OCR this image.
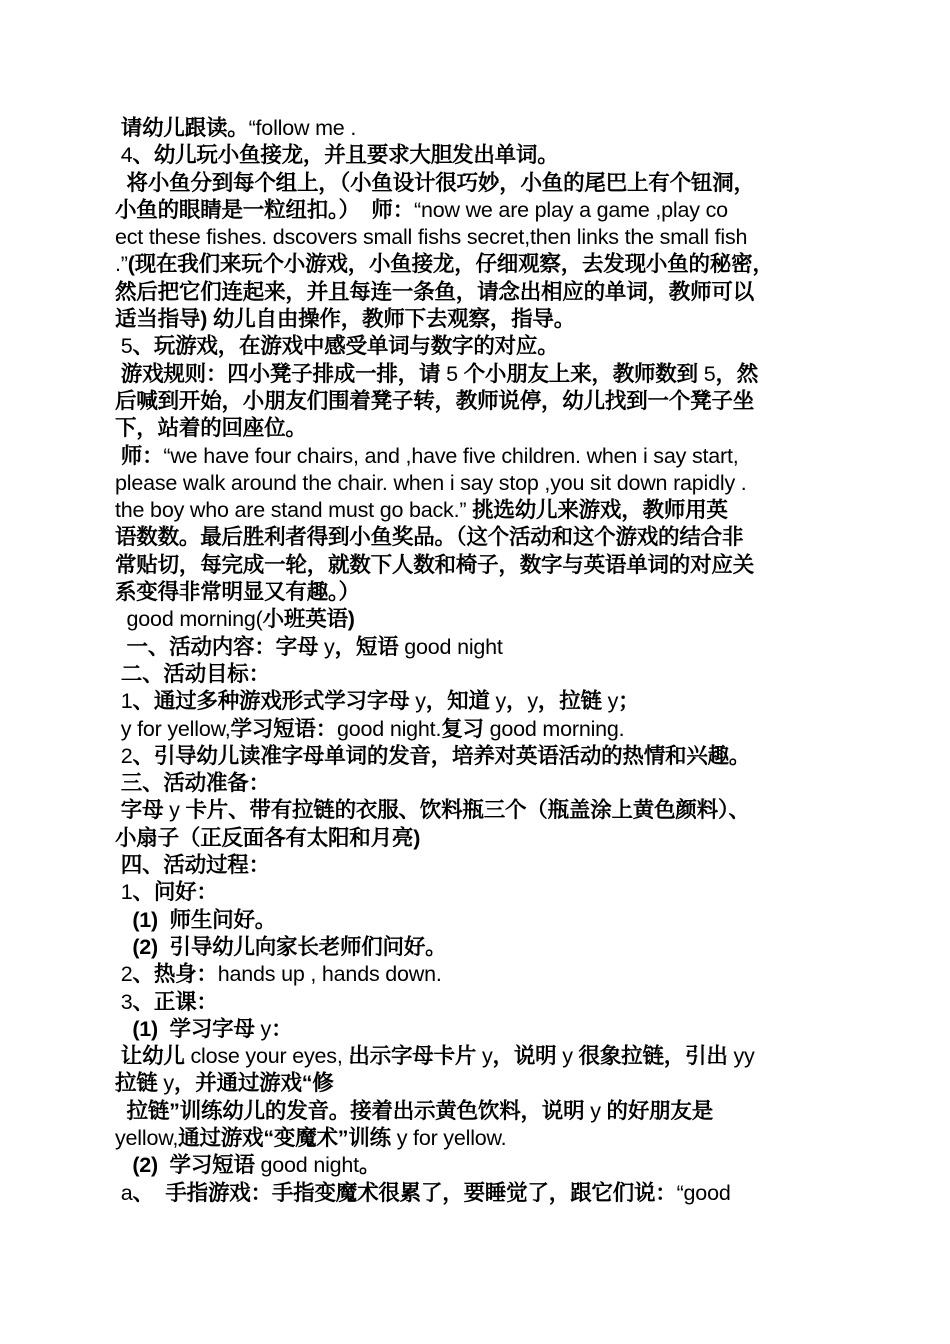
请幼儿跟读。“follow me .
4、幼儿玩小鱼接龙，并且要求大胆发出单词。
将小鱼分到每个组上，（小鱼设计很巧妙，小鱼的尾巴上有个钮洞，
小鱼的眼睛是一粒纽扣。）  师：“now we are play a game ,play co
ect these fishes. dscovers small fishs secret,then links the small fish
.”(现在我们来玩个小游戏，小鱼接龙，仔细观察，去发现小鱼的秘密，
然后把它们连起来，并且每连一条鱼，请念出相应的单词，教师可以
适当指导) 幼儿自由操作，教师下去观察，指导。
5、玩游戏，在游戏中感受单词与数字的对应。
游戏规则：四小凳子排成一排，请 5 个小朋友上来，教师数到 5，然
后喊到开始，小朋友们围着凳子转，教师说停，幼儿找到一个凳子坐
下，站着的回座位。
师：“we have four chairs, and ,have five children. when i say start,
please walk around the chair. when i say stop ,you sit down rapidly .
the boy who are stand must go back.” 挑选幼儿来游戏，教师用英
语数数。最后胜利者得到小鱼奖品。（这个活动和这个游戏的结合非
常贴切，每完成一轮，就数下人数和椅子，数字与英语单词的对应关
系变得非常明显又有趣。）
good morning(小班英语)
一、活动内容：字母 y，短语 good night
二、活动目标：
1、通过多种游戏形式学习字母 y，知道 y，y，拉链 y；
y for yellow,学习短语：good night.复习 good morning.
2、引导幼儿读准字母单词的发音，培养对英语活动的热情和兴趣。
三、活动准备：
字母 y 卡片、带有拉链的衣服、饮料瓶三个（瓶盖涂上黄色颜料）、
小扇子（正反面各有太阳和月亮)
四、活动过程：
1、问好：
(1)  师生问好。
(2)  引导幼儿向家长老师们问好。
2、热身：hands up , hands down.
3、正课：
(1)  学习字母 y：
让幼儿 close your eyes, 出示字母卡片 y，说明 y 很象拉链，引出 yy
拉链 y，并通过游戏“修
拉链”训练幼儿的发音。接着出示黄色饮料，说明 y 的好朋友是
yellow,通过游戏“变魔术”训练 y for yellow.
(2)  学习短语 good night。
a、  手指游戏：手指变魔术很累了，要睡觉了，跟它们说：“good
